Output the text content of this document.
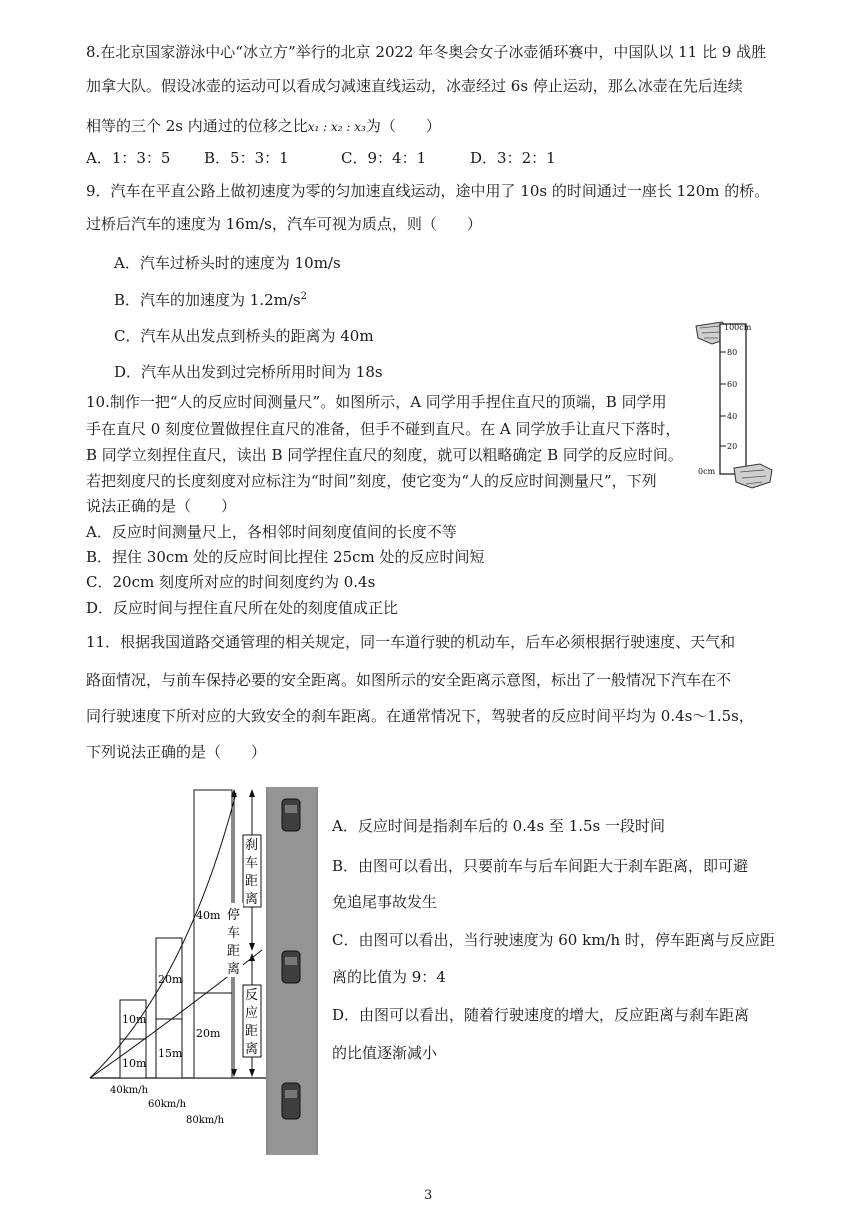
8.在北京国家游泳中心“冰立方”举行的北京 2022 年冬奥会女子冰壶循环赛中，中国队以 11 比 9 战胜
加拿大队。假设冰壶的运动可以看成匀减速直线运动，冰壶经过 6s 停止运动，那么冰壶在先后连续
相等的三个 2s 内通过的位移之比x₁ : x₂ : x₃为（　　）
A．1：3：5 B．5：3：1	C．9：4：1	D．3：2：1
9．汽车在平直公路上做初速度为零的匀加速直线运动，途中用了 10s 的时间通过一座长 120m 的桥。
过桥后汽车的速度为 16m/s，汽车可视为质点，则（　　）
A．汽车过桥头时的速度为 10m/s
B．汽车的加速度为 $1.2m/s^2$
C．汽车从出发点到桥头的距离为 40m
D．汽车从出发到过完桥所用时间为 18s
100cm
80
60
40
20
0cm
10.制作一把“人的反应时间测量尺”。如图所示，A 同学用手捏住直尺的顶端，B 同学用
手在直尺 0 刻度位置做捏住直尺的准备，但手不碰到直尺。在 A 同学放手让直尺下落时，
B 同学立刻捏住直尺，读出 B 同学捏住直尺的刻度，就可以粗略确定 B 同学的反应时间。
若把刻度尺的长度刻度对应标注为“时间”刻度，使它变为“人的反应时间测量尺”，下列
说法正确的是（　　）
A．反应时间测量尺上，各相邻时间刻度值间的长度不等
B．捏住 30cm 处的反应时间比捏住 25cm 处的反应时间短
C．20cm 刻度所对应的时间刻度约为 0.4s
D．反应时间与捏住直尺所在处的刻度值成正比
11．根据我国道路交通管理的相关规定，同一车道行驶的机动车，后车必须根据行驶速度、天气和
路面情况，与前车保持必要的安全距离。如图所示的安全距离示意图，标出了一般情况下汽车在不
同行驶速度下所对应的大致安全的刹车距离。在通常情况下，驾驶者的反应时间平均为 0.4s～1.5s，
下列说法正确的是（　　）
10m
10m
20m
15m
40m
20m
刹
车
距
离
停
车
距
离
反
应
距
离
40km/h
60km/h
80km/h
A．反应时间是指刹车后的 0.4s 至 1.5s 一段时间
B．由图可以看出，只要前车与后车间距大于刹车距离，即可避
免追尾事故发生
C．由图可以看出，当行驶速度为 60 km/h 时，停车距离与反应距
离的比值为 9：4
D．由图可以看出，随着行驶速度的增大，反应距离与刹车距离
的比值逐渐减小
3
